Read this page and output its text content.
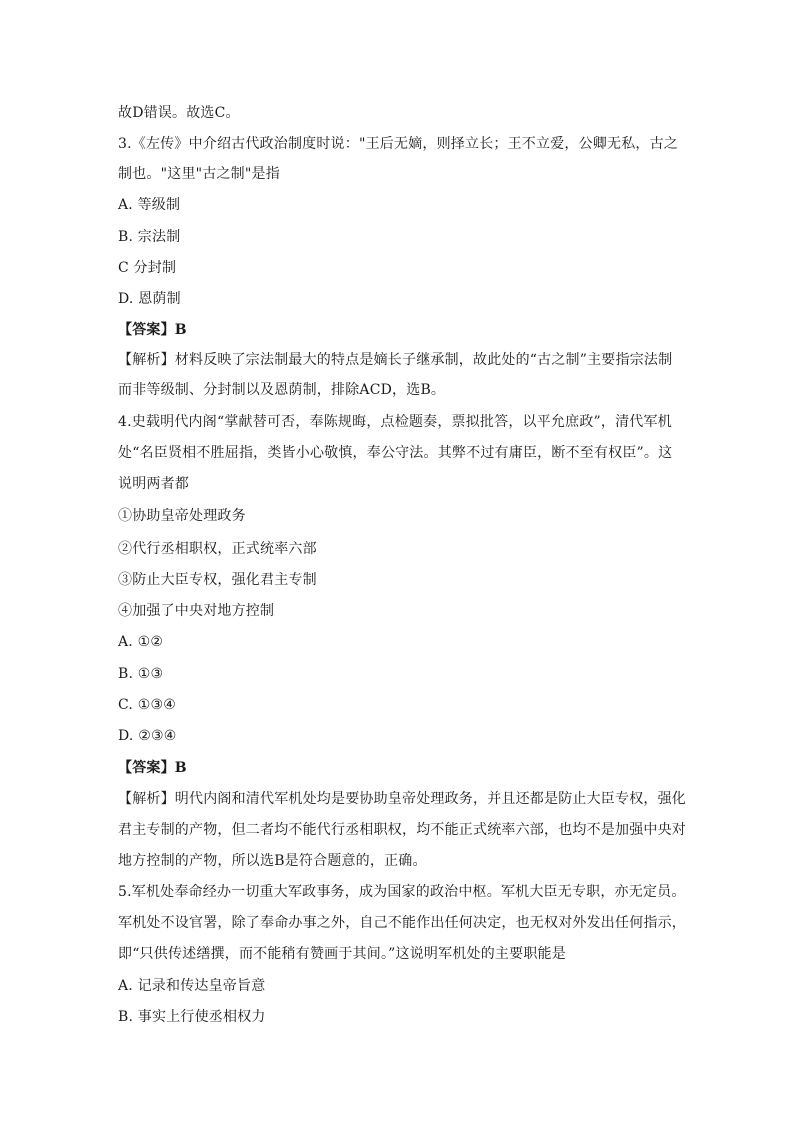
故D错误。故选C。
3.《左传》中介绍古代政治制度时说："王后无嫡，则择立长；王不立爱，公卿无私，古之
制也。"这里"古之制"是指
A. 等级制
B. 宗法制
C 分封制
D. 恩荫制
【答案】B
【解析】材料反映了宗法制最大的特点是嫡长子继承制，故此处的“古之制”主要指宗法制
而非等级制、分封制以及恩荫制，排除ACD，选B。
4.史载明代内阁“掌献替可否，奉陈规晦，点检题奏，票拟批答，以平允庶政”，清代军机
处“名臣贤相不胜屈指，类皆小心敬慎，奉公守法。其弊不过有庸臣，断不至有权臣”。这
说明两者都
①协助皇帝处理政务
②代行丞相职权，正式统率六部
③防止大臣专权，强化君主专制
④加强了中央对地方控制
A. ①②
B. ①③
C. ①③④
D. ②③④
【答案】B
【解析】明代内阁和清代军机处均是要协助皇帝处理政务，并且还都是防止大臣专权，强化
君主专制的产物，但二者均不能代行丞相职权，均不能正式统率六部，也均不是加强中央对
地方控制的产物，所以选B是符合题意的，正确。
5.军机处奉命经办一切重大军政事务，成为国家的政治中枢。军机大臣无专职，亦无定员。
军机处不设官署，除了奉命办事之外，自己不能作出任何决定，也无权对外发出任何指示，
即“只供传述缮撰，而不能稍有赞画于其间。”这说明军机处的主要职能是
A. 记录和传达皇帝旨意
B. 事实上行使丞相权力
